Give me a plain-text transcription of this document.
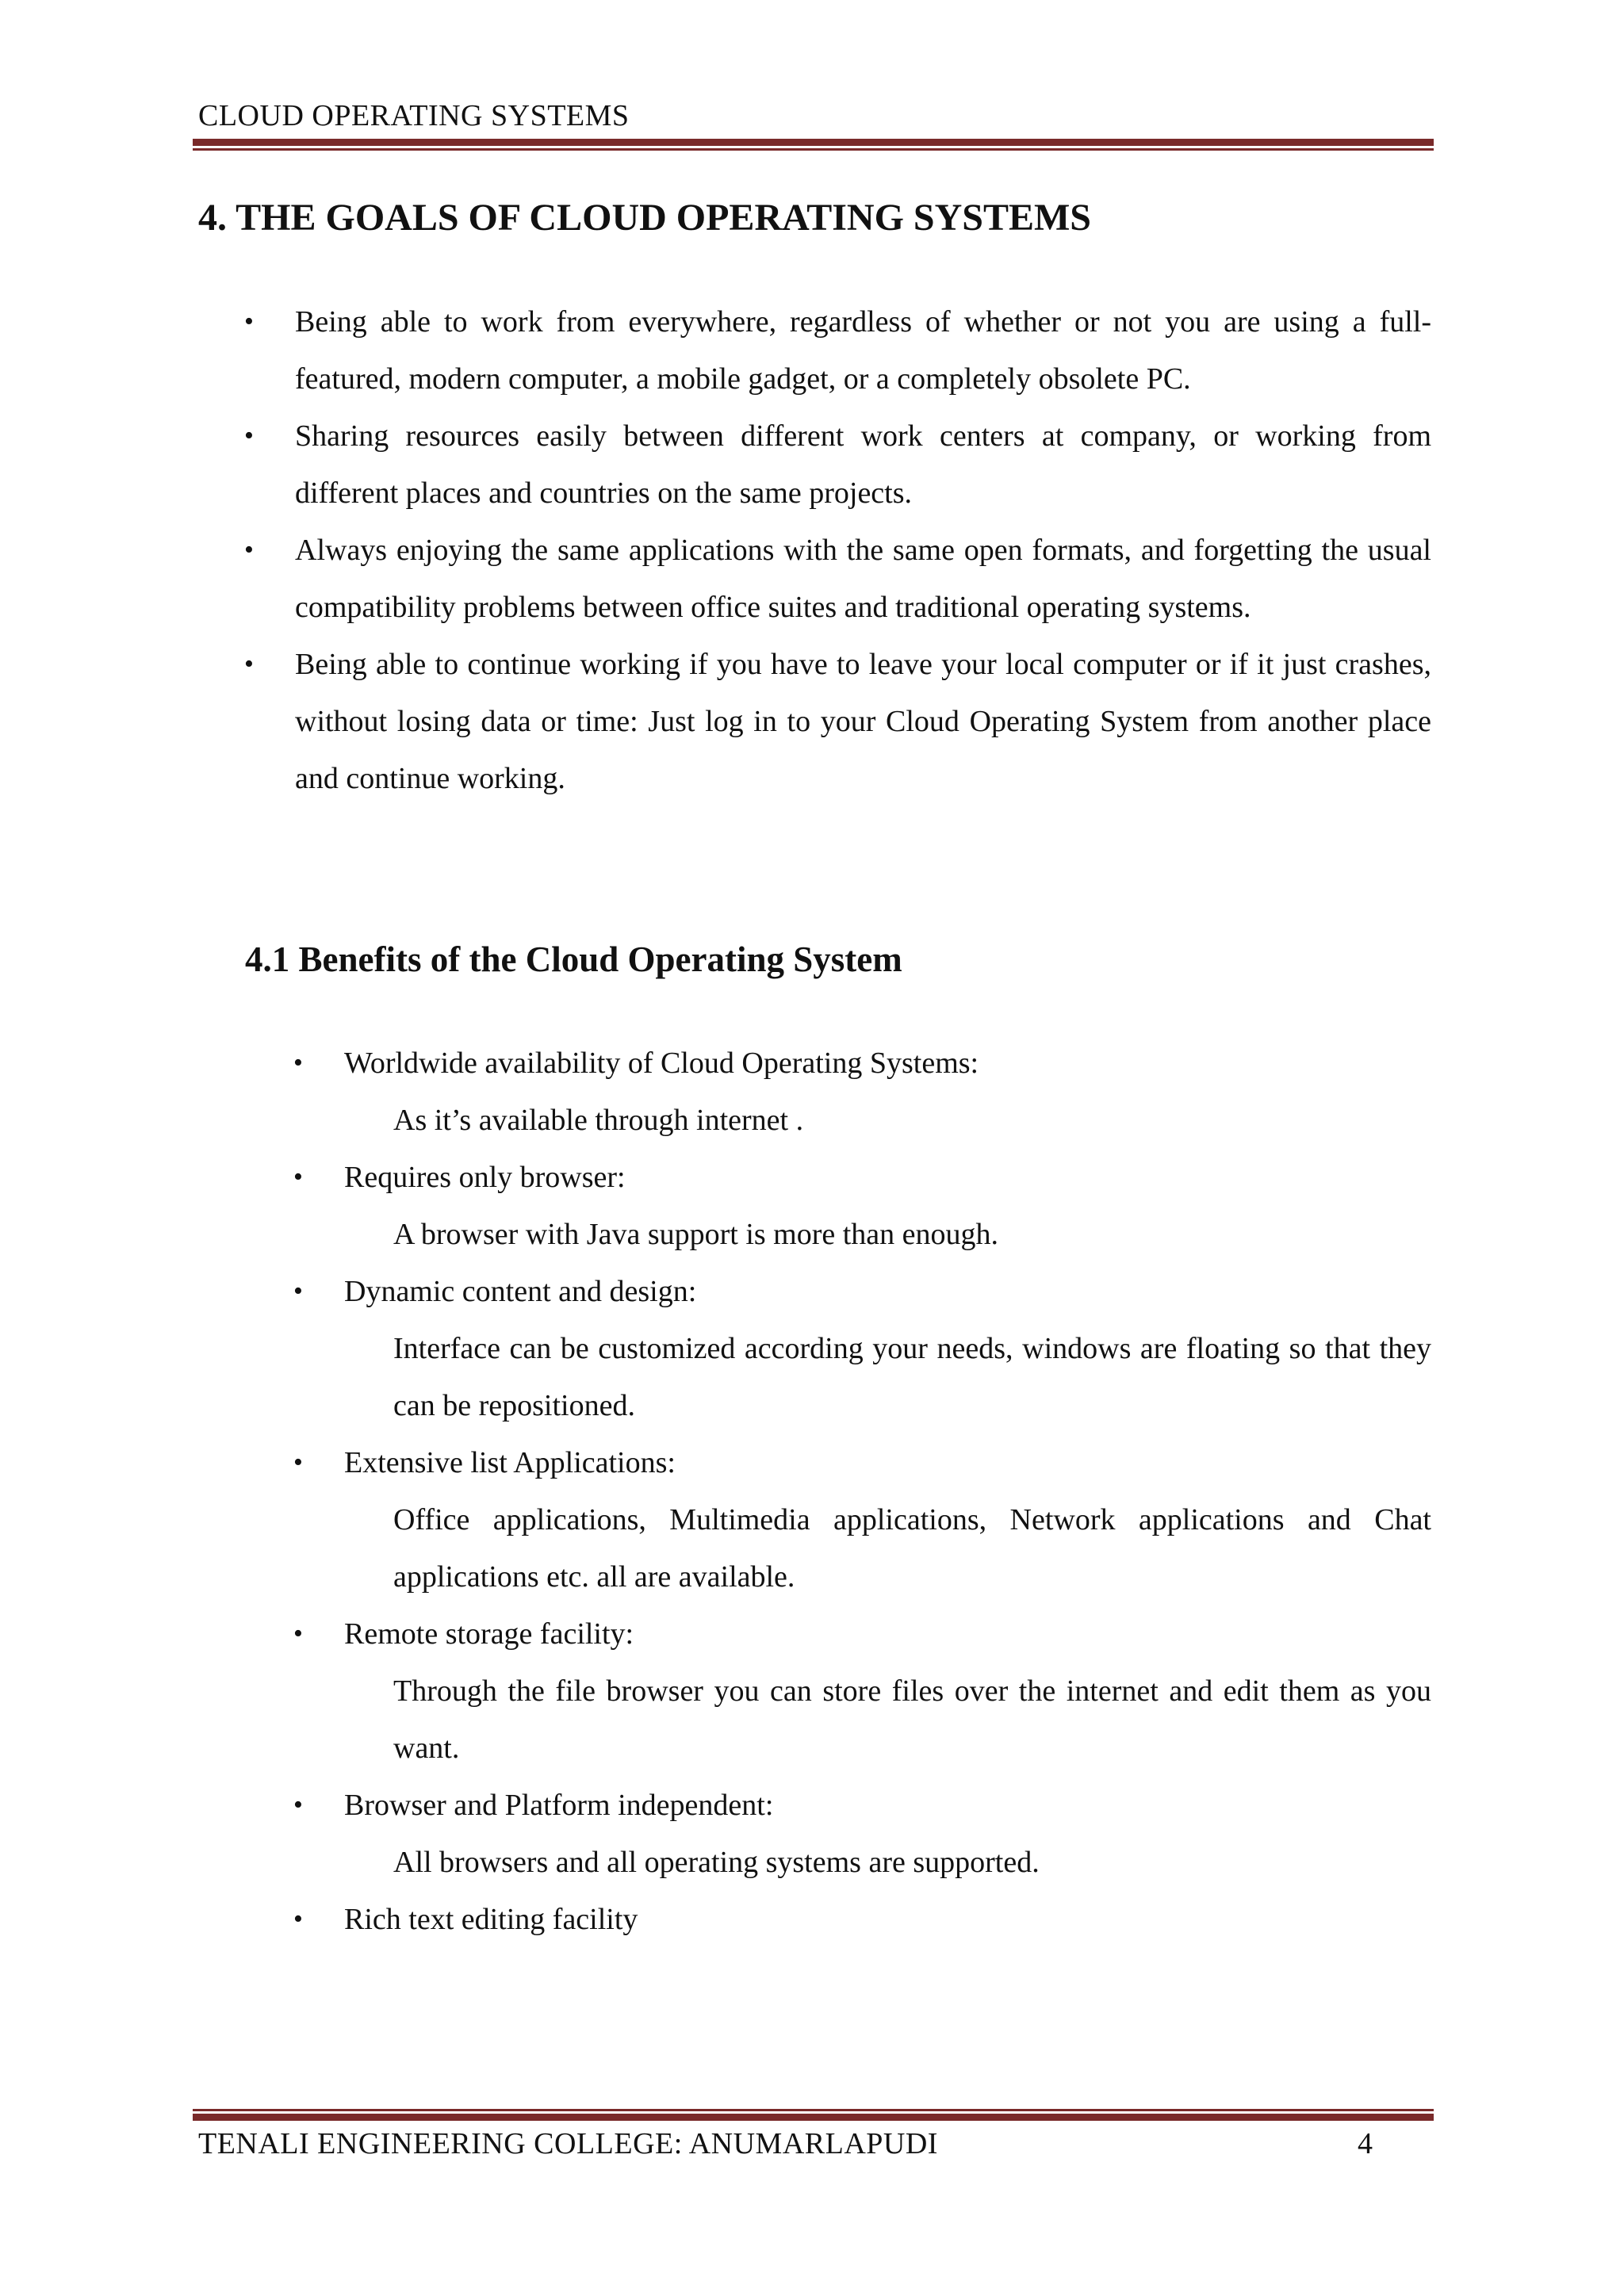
CLOUD OPERATING SYSTEMS
4. THE GOALS OF CLOUD OPERATING SYSTEMS
• Being able to work from everywhere, regardless of whether or not you are using a full-featured, modern computer, a mobile gadget, or a completely obsolete PC.
• Sharing resources easily between different work centers at company, or working from different places and countries on the same projects.
• Always enjoying the same applications with the same open formats, and forgetting the usual compatibility problems between office suites and traditional operating systems.
• Being able to continue working if you have to leave your local computer or if it just crashes, without losing data or time: Just log in to your Cloud Operating System from another place and continue working.
4.1 Benefits of the Cloud Operating System
• Worldwide availability of Cloud Operating Systems:
As it’s available through internet .
• Requires only browser:
A browser with Java support is more than enough.
• Dynamic content and design:
Interface can be customized according your needs, windows are floating so that they can be repositioned.
• Extensive list Applications:
Office applications, Multimedia applications, Network applications and Chat applications etc. all are available.
• Remote storage facility:
Through the file browser you can store files over the internet and edit them as you want.
• Browser and Platform independent:
All browsers and all operating systems are supported.
• Rich text editing facility
TENALI ENGINEERING COLLEGE: ANUMARLAPUDI	4
